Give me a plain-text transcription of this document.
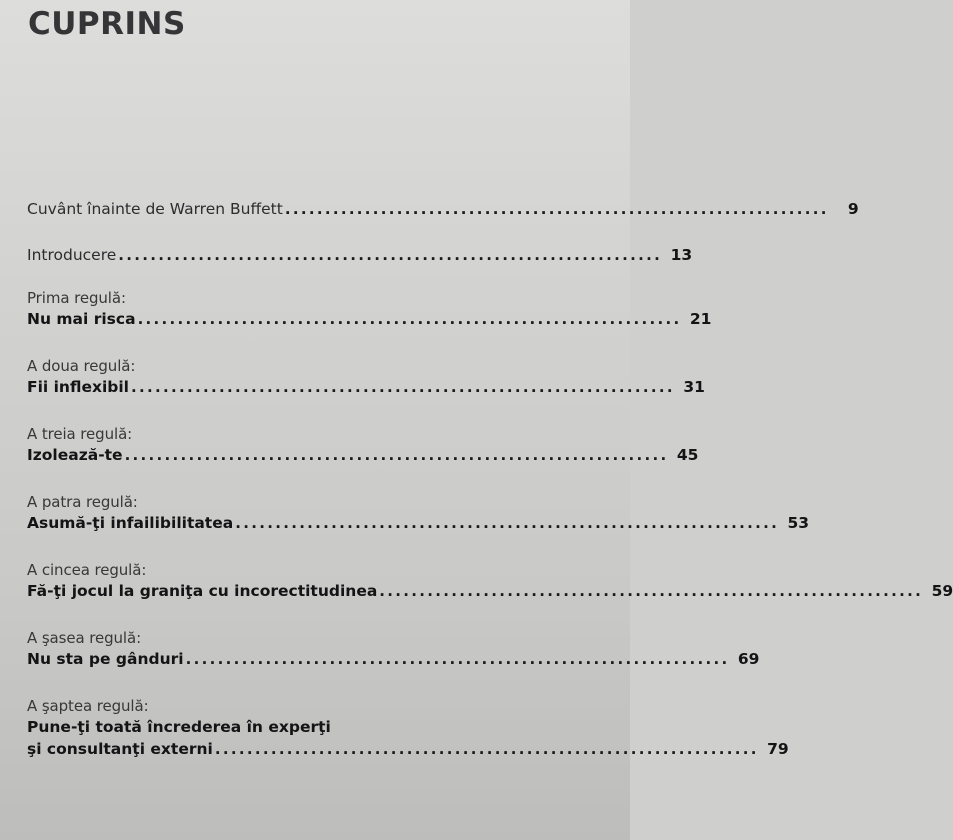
CUPRINS
Cuvânt înainte de Warren Buffett ....................................................................	9
Introducere .................................................................... 13
Prima regulă:
Nu mai risca .................................................................... 21
A doua regulă:
Fii inflexibil .................................................................... 31
A treia regulă:
Izolează-te .................................................................... 45
A patra regulă:
Asumă-ţi infailibilitatea .................................................................... 53
A cincea regulă:
Fă-ţi jocul la graniţa cu incorectitudinea .................................................................... 59
A şasea regulă:
Nu sta pe gânduri .................................................................... 69
A şaptea regulă:
Pune-ţi toată încrederea în experţi
şi consultanţi externi .................................................................... 79
